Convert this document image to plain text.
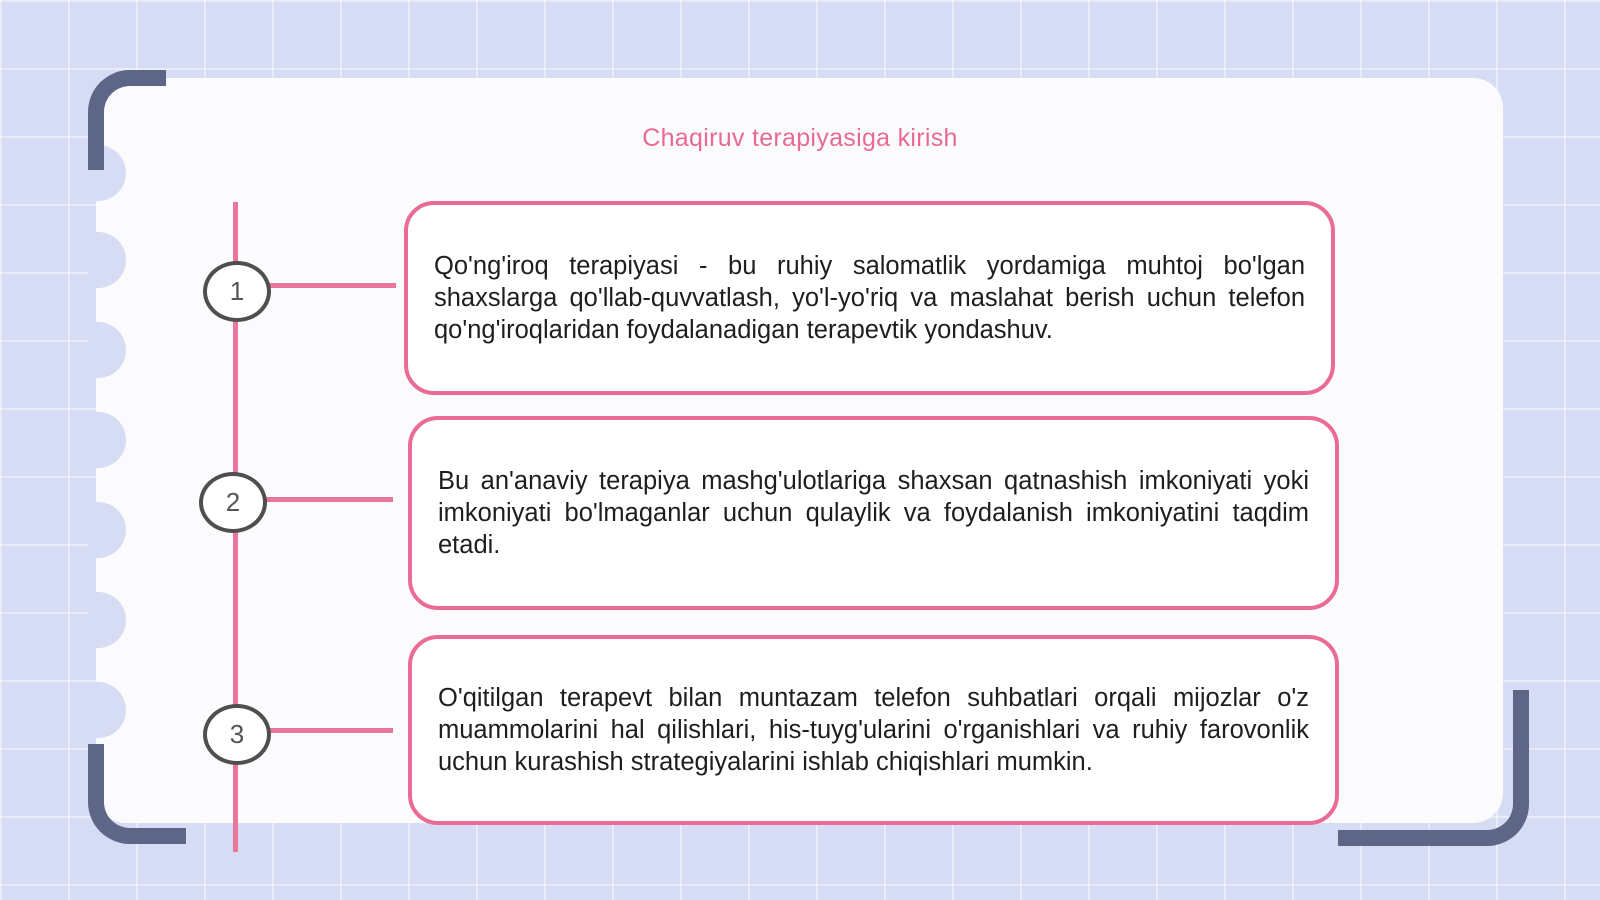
Chaqiruv terapiyasiga kirish
1
2
3

Qo'ng'iroq terapiyasi - bu ruhiy salomatlik yordamiga muhtoj bo'lgan shaxslarga qo'llab-quvvatlash, yo'l-yo'riq va maslahat berish uchun telefon qo'ng'iroqlaridan foydalanadigan terapevtik yondashuv.

Bu an'anaviy terapiya mashg'ulotlariga shaxsan qatnashish imkoniyati yoki imkoniyati bo'lmaganlar uchun qulaylik va foydalanish imkoniyatini taqdim etadi.

O'qitilgan terapevt bilan muntazam telefon suhbatlari orqali mijozlar o'z muammolarini hal qilishlari, his-tuyg'ularini o'rganishlari va ruhiy farovonlik uchun kurashish strategiyalarini ishlab chiqishlari mumkin.
